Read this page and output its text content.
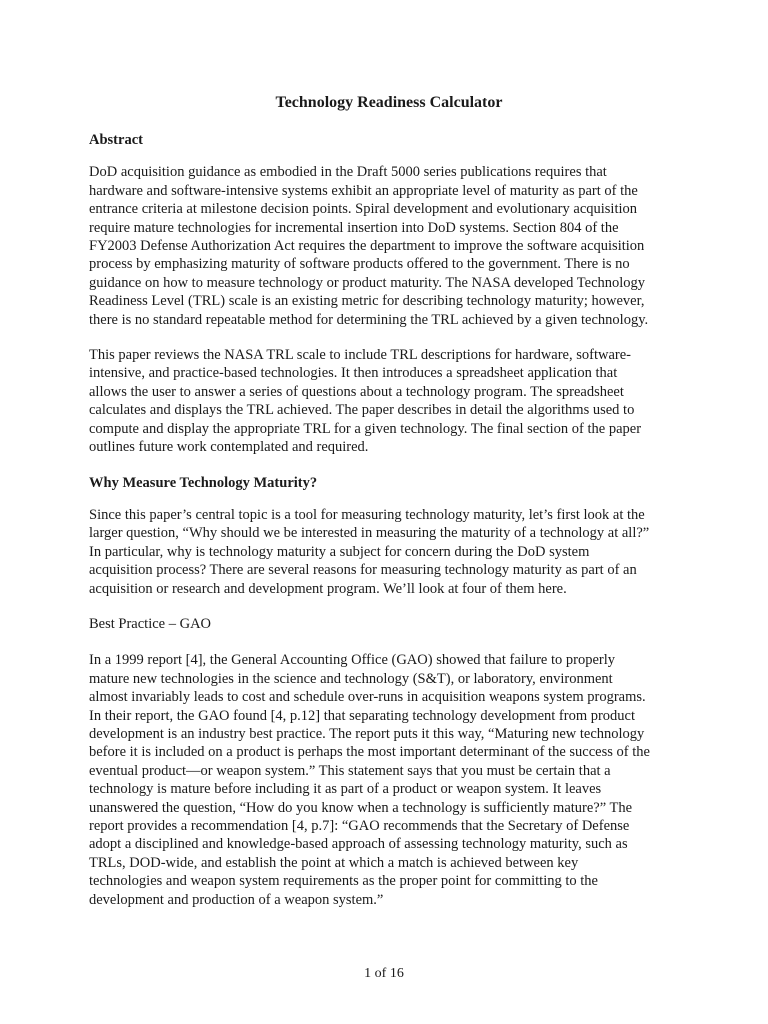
Technology Readiness Calculator
Abstract

DoD acquisition guidance as embodied in the Draft 5000 series publications requires that
hardware and software-intensive systems exhibit an appropriate level of maturity as part of the
entrance criteria at milestone decision points. Spiral development and evolutionary acquisition
require mature technologies for incremental insertion into DoD systems. Section 804 of the
FY2003 Defense Authorization Act requires the department to improve the software acquisition
process by emphasizing maturity of software products offered to the government. There is no
guidance on how to measure technology or product maturity. The NASA developed Technology
Readiness Level (TRL) scale is an existing metric for describing technology maturity; however,
there is no standard repeatable method for determining the TRL achieved by a given technology.

This paper reviews the NASA TRL scale to include TRL descriptions for hardware, software-
intensive, and practice-based technologies. It then introduces a spreadsheet application that
allows the user to answer a series of questions about a technology program. The spreadsheet
calculates and displays the TRL achieved. The paper describes in detail the algorithms used to
compute and display the appropriate TRL for a given technology. The final section of the paper
outlines future work contemplated and required.

Why Measure Technology Maturity?

Since this paper’s central topic is a tool for measuring technology maturity, let’s first look at the
larger question, “Why should we be interested in measuring the maturity of a technology at all?”
In particular, why is technology maturity a subject for concern during the DoD system
acquisition process? There are several reasons for measuring technology maturity as part of an
acquisition or research and development program. We’ll look at four of them here.

Best Practice – GAO

In a 1999 report [4], the General Accounting Office (GAO) showed that failure to properly
mature new technologies in the science and technology (S&T), or laboratory, environment
almost invariably leads to cost and schedule over-runs in acquisition weapons system programs.
In their report, the GAO found [4, p.12] that separating technology development from product
development is an industry best practice. The report puts it this way, “Maturing new technology
before it is included on a product is perhaps the most important determinant of the success of the
eventual product—or weapon system.” This statement says that you must be certain that a
technology is mature before including it as part of a product or weapon system. It leaves
unanswered the question, “How do you know when a technology is sufficiently mature?” The
report provides a recommendation [4, p.7]: “GAO recommends that the Secretary of Defense
adopt a disciplined and knowledge-based approach of assessing technology maturity, such as
TRLs, DOD-wide, and establish the point at which a match is achieved between key
technologies and weapon system requirements as the proper point for committing to the
development and production of a weapon system.”

1 of 16
